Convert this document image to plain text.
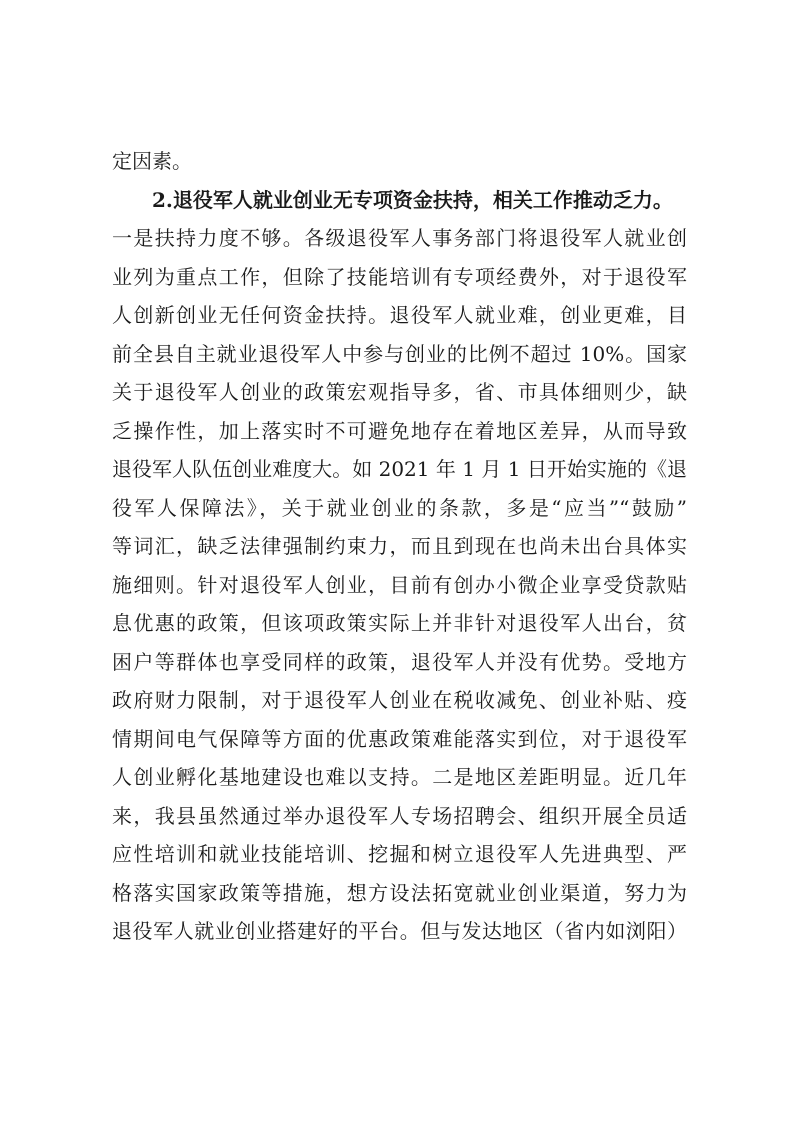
定因素。
2.退役军人就业创业无专项资金扶持，相关工作推动乏力。
一是扶持力度不够。各级退役军人事务部门将退役军人就业创
业列为重点工作，但除了技能培训有专项经费外，对于退役军
人创新创业无任何资金扶持。退役军人就业难，创业更难，目
前全县自主就业退役军人中参与创业的比例不超过 10%。国家
关于退役军人创业的政策宏观指导多，省、市具体细则少，缺
乏操作性，加上落实时不可避免地存在着地区差异，从而导致
退役军人队伍创业难度大。如 2021 年 1 月 1 日开始实施的《退
役军人保障法》，关于就业创业的条款，多是“应当”“鼓励”
等词汇，缺乏法律强制约束力，而且到现在也尚未出台具体实
施细则。针对退役军人创业，目前有创办小微企业享受贷款贴
息优惠的政策，但该项政策实际上并非针对退役军人出台，贫
困户等群体也享受同样的政策，退役军人并没有优势。受地方
政府财力限制，对于退役军人创业在税收减免、创业补贴、疫
情期间电气保障等方面的优惠政策难能落实到位，对于退役军
人创业孵化基地建设也难以支持。二是地区差距明显。近几年
来，我县虽然通过举办退役军人专场招聘会、组织开展全员适
应性培训和就业技能培训、挖掘和树立退役军人先进典型、严
格落实国家政策等措施，想方设法拓宽就业创业渠道，努力为
退役军人就业创业搭建好的平台。但与发达地区（省内如浏阳）
